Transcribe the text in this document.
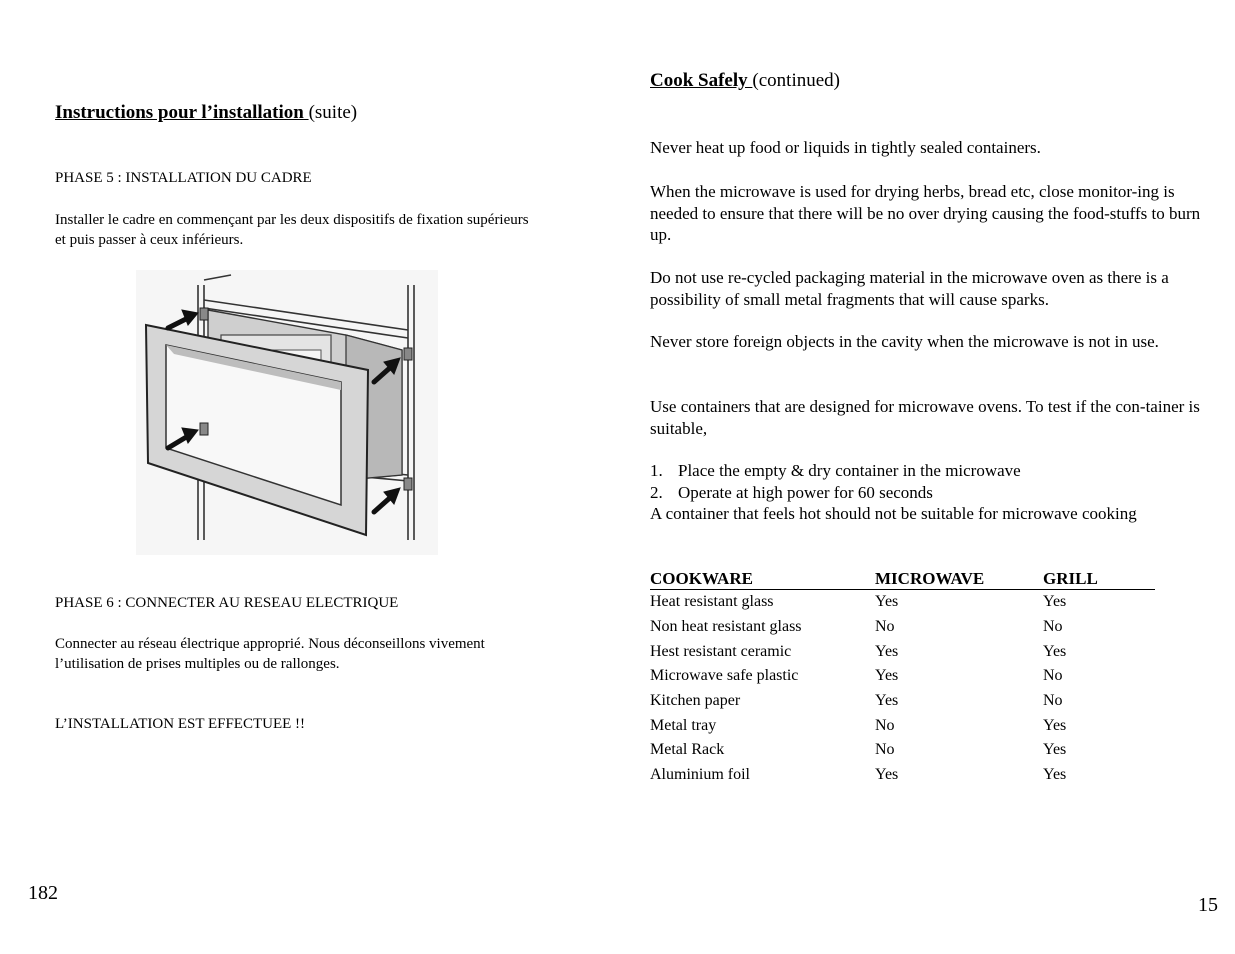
Instructions pour l’installation (suite)
PHASE 5 : INSTALLATION DU CADRE
Installer le cadre en commençant par les deux dispositifs de fixation supérieurs et puis passer à ceux inférieurs.
PHASE 6 : CONNECTER AU RESEAU ELECTRIQUE
Connecter au réseau électrique approprié. Nous déconseillons vivement l’utilisation de prises multiples ou de rallonges.
L’INSTALLATION EST EFFECTUEE !!
182
Cook Safely (continued)
Never heat up food or liquids in tightly sealed containers.
When the microwave is used for drying herbs, bread etc, close monitor-ing is needed to ensure that there will be no over drying causing the food-stuffs to burn up.
Do not use re-cycled packaging material in the microwave oven as there is a possibility of small metal fragments that will cause sparks.
Never store foreign objects in the cavity when the microwave is not in use.
Use containers that are designed for microwave ovens. To test if the con-tainer is suitable,
1. Place the empty & dry container in the microwave
2. Operate at high power for 60 seconds
A container that feels hot should not be suitable for microwave cooking
COOKWARE	MICROWAVE	GRILL
Heat resistant glass	Yes	Yes
Non heat resistant glass	No	No
Hest resistant ceramic	Yes	Yes
Microwave safe plastic	Yes	No
Kitchen paper	Yes	No
Metal tray	No	Yes
Metal Rack	No	Yes
Aluminium foil	Yes	Yes
15
